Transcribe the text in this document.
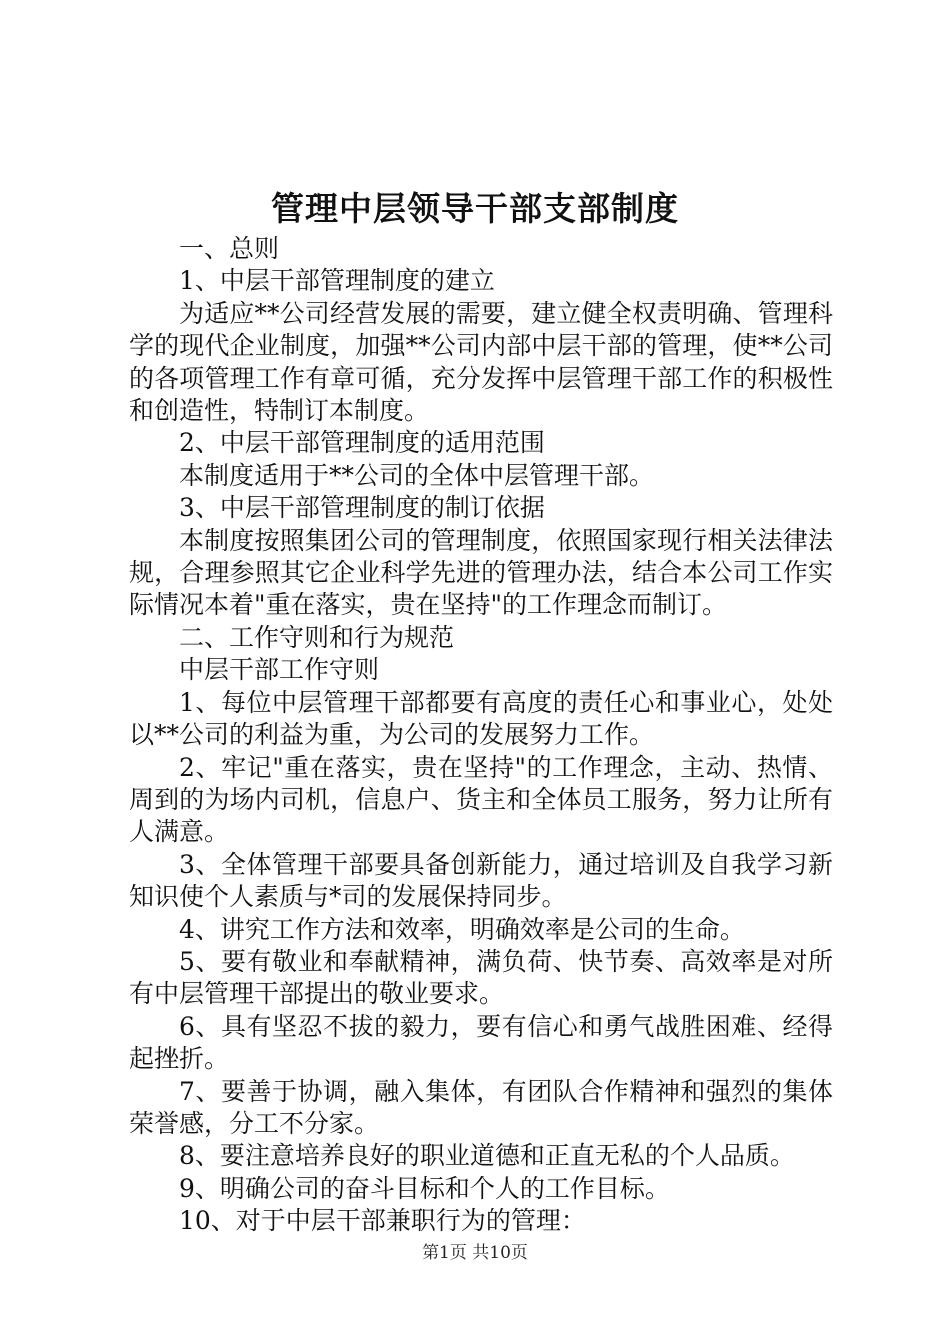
管理中层领导干部支部制度

一、总则

1、中层干部管理制度的建立

为适应**公司经营发展的需要，建立健全权责明确、管理科学的现代企业制度，加强**公司内部中层干部的管理，使**公司的各项管理工作有章可循，充分发挥中层管理干部工作的积极性和创造性，特制订本制度。

2、中层干部管理制度的适用范围

本制度适用于**公司的全体中层管理干部。

3、中层干部管理制度的制订依据

本制度按照集团公司的管理制度，依照国家现行相关法律法规，合理参照其它企业科学先进的管理办法，结合本公司工作实际情况本着"重在落实，贵在坚持"的工作理念而制订。

二、工作守则和行为规范

中层干部工作守则

1、每位中层管理干部都要有高度的责任心和事业心，处处以**公司的利益为重，为公司的发展努力工作。

2、牢记"重在落实，贵在坚持"的工作理念，主动、热情、周到的为场内司机，信息户、货主和全体员工服务，努力让所有人满意。

3、全体管理干部要具备创新能力，通过培训及自我学习新知识使个人素质与*司的发展保持同步。

4、讲究工作方法和效率，明确效率是公司的生命。

5、要有敬业和奉献精神，满负荷、快节奏、高效率是对所有中层管理干部提出的敬业要求。

6、具有坚忍不拔的毅力，要有信心和勇气战胜困难、经得起挫折。

7、要善于协调，融入集体，有团队合作精神和强烈的集体荣誉感，分工不分家。

8、要注意培养良好的职业道德和正直无私的个人品质。

9、明确公司的奋斗目标和个人的工作目标。

10、对于中层干部兼职行为的管理：

第1页 共10页
